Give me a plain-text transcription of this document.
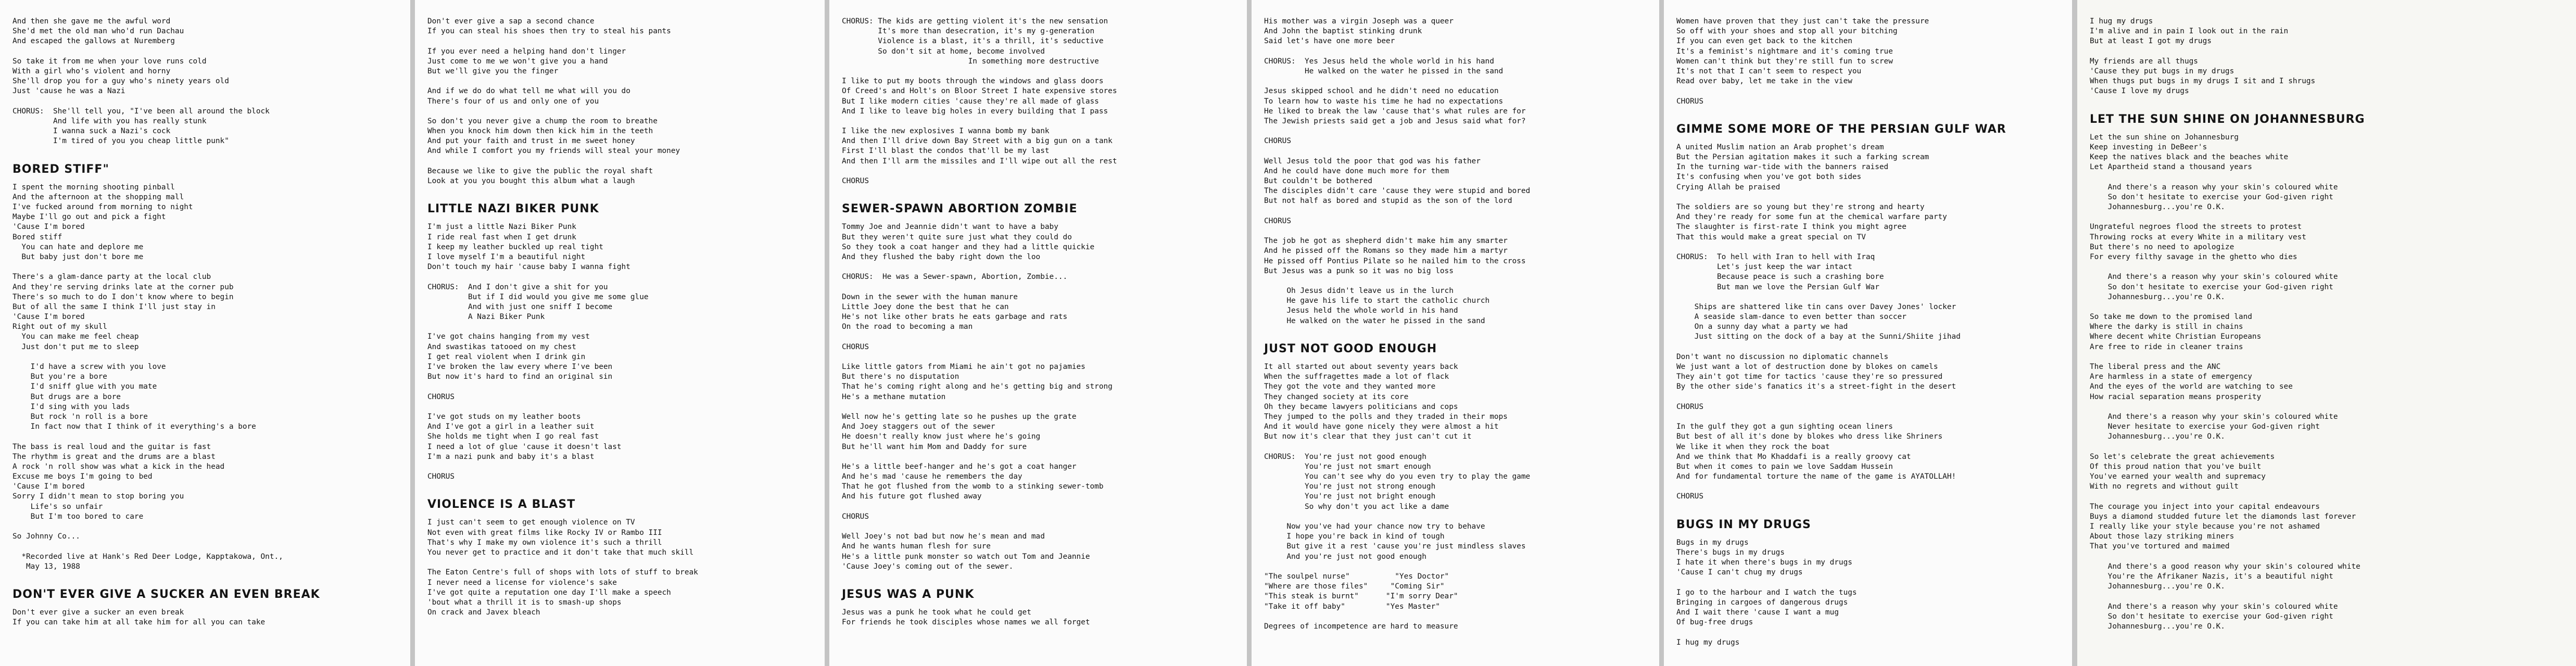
And then she gave me the awful word
She'd met the old man who'd run Dachau
And escaped the gallows at Nuremberg
So take it from me when your love runs cold
With a girl who's violent and horny
She'll drop you for a guy who's ninety years old
Just 'cause he was a Nazi
CHORUS:  She'll tell you, "I've been all around the block
And life with you has really stunk
I wanna suck a Nazi's cock
I'm tired of you you cheap little punk"
BORED STIFF"
I spent the morning shooting pinball
And the afternoon at the shopping mall
I've fucked around from morning to night
Maybe I'll go out and pick a fight
'Cause I'm bored
Bored stiff
You can hate and deplore me
But baby just don't bore me
There's a glam-dance party at the local club
And they're serving drinks late at the corner pub
There's so much to do I don't know where to begin
But of all the same I think I'll just stay in
'Cause I'm bored
Right out of my skull
You can make me feel cheap
Just don't put me to sleep
I'd have a screw with you love
But you're a bore
I'd sniff glue with you mate
But drugs are a bore
I'd sing with you lads
But rock 'n roll is a bore
In fact now that I think of it everything's a bore
The bass is real loud and the guitar is fast
The rhythm is great and the drums are a blast
A rock 'n roll show was what a kick in the head
Excuse me boys I'm going to bed
'Cause I'm bored
Sorry I didn't mean to stop boring you
Life's so unfair
But I'm too bored to care
So Johnny Co...
*Recorded live at Hank's Red Deer Lodge, Kapptakowa, Ont.,
May 13, 1988
DON'T EVER GIVE A SUCKER AN EVEN BREAK
Don't ever give a sucker an even break
If you can take him at all take him for all you can take
Don't ever give a sap a second chance
If you can steal his shoes then try to steal his pants
If you ever need a helping hand don't linger
Just come to me we won't give you a hand
But we'll give you the finger
And if we do do what tell me what will you do
There's four of us and only one of you
So don't you never give a chump the room to breathe
When you knock him down then kick him in the teeth
And put your faith and trust in me sweet honey
And while I comfort you my friends will steal your money
Because we like to give the public the royal shaft
Look at you you bought this album what a laugh
LITTLE NAZI BIKER PUNK
I'm just a little Nazi Biker Punk
I ride real fast when I get drunk
I keep my leather buckled up real tight
I love myself I'm a beautiful night
Don't touch my hair 'cause baby I wanna fight
CHORUS:  And I don't give a shit for you
But if I did would you give me some glue
And with just one sniff I become
A Nazi Biker Punk
I've got chains hanging from my vest
And swastikas tatooed on my chest
I get real violent when I drink gin
I've broken the law every where I've been
But now it's hard to find an original sin
CHORUS
I've got studs on my leather boots
And I've got a girl in a leather suit
She holds me tight when I go real fast
I need a lot of glue 'cause it doesn't last
I'm a nazi punk and baby it's a blast
CHORUS
VIOLENCE IS A BLAST
I just can't seem to get enough violence on TV
Not even with great films like Rocky IV or Rambo III
That's why I make my own violence it's such a thrill
You never get to practice and it don't take that much skill
The Eaton Centre's full of shops with lots of stuff to break
I never need a license for violence's sake
I've got quite a reputation one day I'll make a speech
'bout what a thrill it is to smash-up shops
On crack and Javex bleach
CHORUS: The kids are getting violent it's the new sensation
It's more than desecration, it's my g-generation
Violence is a blast, it's a thrill, it's seductive
So don't sit at home, become involved
In something more destructive
I like to put my boots through the windows and glass doors
Of Creed's and Holt's on Bloor Street I hate expensive stores
But I like modern cities 'cause they're all made of glass
And I like to leave big holes in every building that I pass
I like the new explosives I wanna bomb my bank
And then I'll drive down Bay Street with a big gun on a tank
First I'll blast the condos that'll be my last
And then I'll arm the missiles and I'll wipe out all the rest
CHORUS
SEWER-SPAWN ABORTION ZOMBIE
Tommy Joe and Jeannie didn't want to have a baby
But they weren't quite sure just what they could do
So they took a coat hanger and they had a little quickie
And they flushed the baby right down the loo
CHORUS:  He was a Sewer-spawn, Abortion, Zombie...
Down in the sewer with the human manure
Little Joey done the best that he can
He's not like other brats he eats garbage and rats
On the road to becoming a man
CHORUS
Like little gators from Miami he ain't got no pajamies
But there's no disputation
That he's coming right along and he's getting big and strong
He's a methane mutation
Well now he's getting late so he pushes up the grate
And Joey staggers out of the sewer
He doesn't really know just where he's going
But he'll want him Mom and Daddy for sure
He's a little beef-hanger and he's got a coat hanger
And he's mad 'cause he remembers the day
That he got flushed from the womb to a stinking sewer-tomb
And his future got flushed away
CHORUS
Well Joey's not bad but now he's mean and mad
And he wants human flesh for sure
He's a little punk monster so watch out Tom and Jeannie
'Cause Joey's coming out of the sewer.
JESUS WAS A PUNK
Jesus was a punk he took what he could get
For friends he took disciples whose names we all forget
His mother was a virgin Joseph was a queer
And John the baptist stinking drunk
Said let's have one more beer
CHORUS:  Yes Jesus held the whole world in his hand
He walked on the water he pissed in the sand
Jesus skipped school and he didn't need no education
To learn how to waste his time he had no expectations
He liked to break the law 'cause that's what rules are for
The Jewish priests said get a job and Jesus said what for?
CHORUS
Well Jesus told the poor that god was his father
And he could have done much more for them
But couldn't be bothered
The disciples didn't care 'cause they were stupid and bored
But not half as bored and stupid as the son of the lord
CHORUS
The job he got as shepherd didn't make him any smarter
And he pissed off the Romans so they made him a martyr
He pissed off Pontius Pilate so he nailed him to the cross
But Jesus was a punk so it was no big loss
Oh Jesus didn't leave us in the lurch
He gave his life to start the catholic church
Jesus held the whole world in his hand
He walked on the water he pissed in the sand
JUST NOT GOOD ENOUGH
It all started out about seventy years back
When the suffragettes made a lot of flack
They got the vote and they wanted more
They changed society at its core
Oh they became lawyers politicians and cops
They jumped to the polls and they traded in their mops
And it would have gone nicely they were almost a hit
But now it's clear that they just can't cut it
CHORUS:  You're just not good enough
You're just not smart enough
You can't see why do you even try to play the game
You're just not strong enough
You're just not bright enough
So why don't you act like a dame
Now you've had your chance now try to behave
I hope you're back in kind of tough
But give it a rest 'cause you're just mindless slaves
And you're just not good enough
"The soulpel nurse"          "Yes Doctor"
"Where are those files"     "Coming Sir"
"This steak is burnt"      "I'm sorry Dear"
"Take it off baby"         "Yes Master"
Degrees of incompetence are hard to measure
Women have proven that they just can't take the pressure
So off with your shoes and stop all your bitching
If you can even get back to the kitchen
It's a feminist's nightmare and it's coming true
Women can't think but they're still fun to screw
It's not that I can't seem to respect you
Read over baby, let me take in the view
CHORUS
GIMME SOME MORE OF THE PERSIAN GULF WAR
A united Muslim nation an Arab prophet's dream
But the Persian agitation makes it such a farking scream
In the turning war-tide with the banners raised
It's confusing when you've got both sides
Crying Allah be praised
The soldiers are so young but they're strong and hearty
And they're ready for some fun at the chemical warfare party
The slaughter is first-rate I think you might agree
That this would make a great special on TV
CHORUS:  To hell with Iran to hell with Iraq
Let's just keep the war intact
Because peace is such a crashing bore
But man we love the Persian Gulf War
Ships are shattered like tin cans over Davey Jones' locker
A seaside slam-dance to even better than soccer
On a sunny day what a party we had
Just sitting on the dock of a bay at the Sunni/Shiite jihad
Don't want no discussion no diplomatic channels
We just want a lot of destruction done by blokes on camels
They ain't got time for tactics 'cause they're so pressured
By the other side's fanatics it's a street-fight in the desert
CHORUS
In the gulf they got a gun sighting ocean liners
But best of all it's done by blokes who dress like Shriners
We like it when they rock the boat
And we think that Mo Khaddafi is a really groovy cat
But when it comes to pain we love Saddam Hussein
And for fundamental torture the name of the game is AYATOLLAH!
CHORUS
BUGS IN MY DRUGS
Bugs in my drugs
There's bugs in my drugs
I hate it when there's bugs in my drugs
'Cause I can't chug my drugs
I go to the harbour and I watch the tugs
Bringing in cargoes of dangerous drugs
And I wait there 'cause I want a mug
Of bug-free drugs
I hug my drugs
I hug my drugs
I'm alive and in pain I look out in the rain
But at least I got my drugs
My friends are all thugs
'Cause they put bugs in my drugs
When thugs put bugs in my drugs I sit and I shrugs
'Cause I love my drugs
LET THE SUN SHINE ON JOHANNESBURG
Let the sun shine on Johannesburg
Keep investing in DeBeer's
Keep the natives black and the beaches white
Let Apartheid stand a thousand years
And there's a reason why your skin's coloured white
So don't hesitate to exercise your God-given right
Johannesburg...you're O.K.
Ungrateful negroes flood the streets to protest
Throwing rocks at every White in a military vest
But there's no need to apologize
For every filthy savage in the ghetto who dies
And there's a reason why your skin's coloured white
So don't hesitate to exercise your God-given right
Johannesburg...you're O.K.
So take me down to the promised land
Where the darky is still in chains
Where decent white Christian Europeans
Are free to ride in cleaner trains
The liberal press and the ANC
Are harmless in a state of emergency
And the eyes of the world are watching to see
How racial separation means prosperity
And there's a reason why your skin's coloured white
Never hesitate to exercise your God-given right
Johannesburg...you're O.K.
So let's celebrate the great achievements
Of this proud nation that you've built
You've earned your wealth and supremacy
With no regrets and without guilt
The courage you inject into your capital endeavours
Buys a diamond studded future let the diamonds last forever
I really like your style because you're not ashamed
About those lazy striking miners
That you've tortured and maimed
And there's a good reason why your skin's coloured white
You're the Afrikaner Nazis, it's a beautiful night
Johannesburg...you're O.K.
And there's a reason why your skin's coloured white
So don't hesitate to exercise your God-given right
Johannesburg...you're O.K.
